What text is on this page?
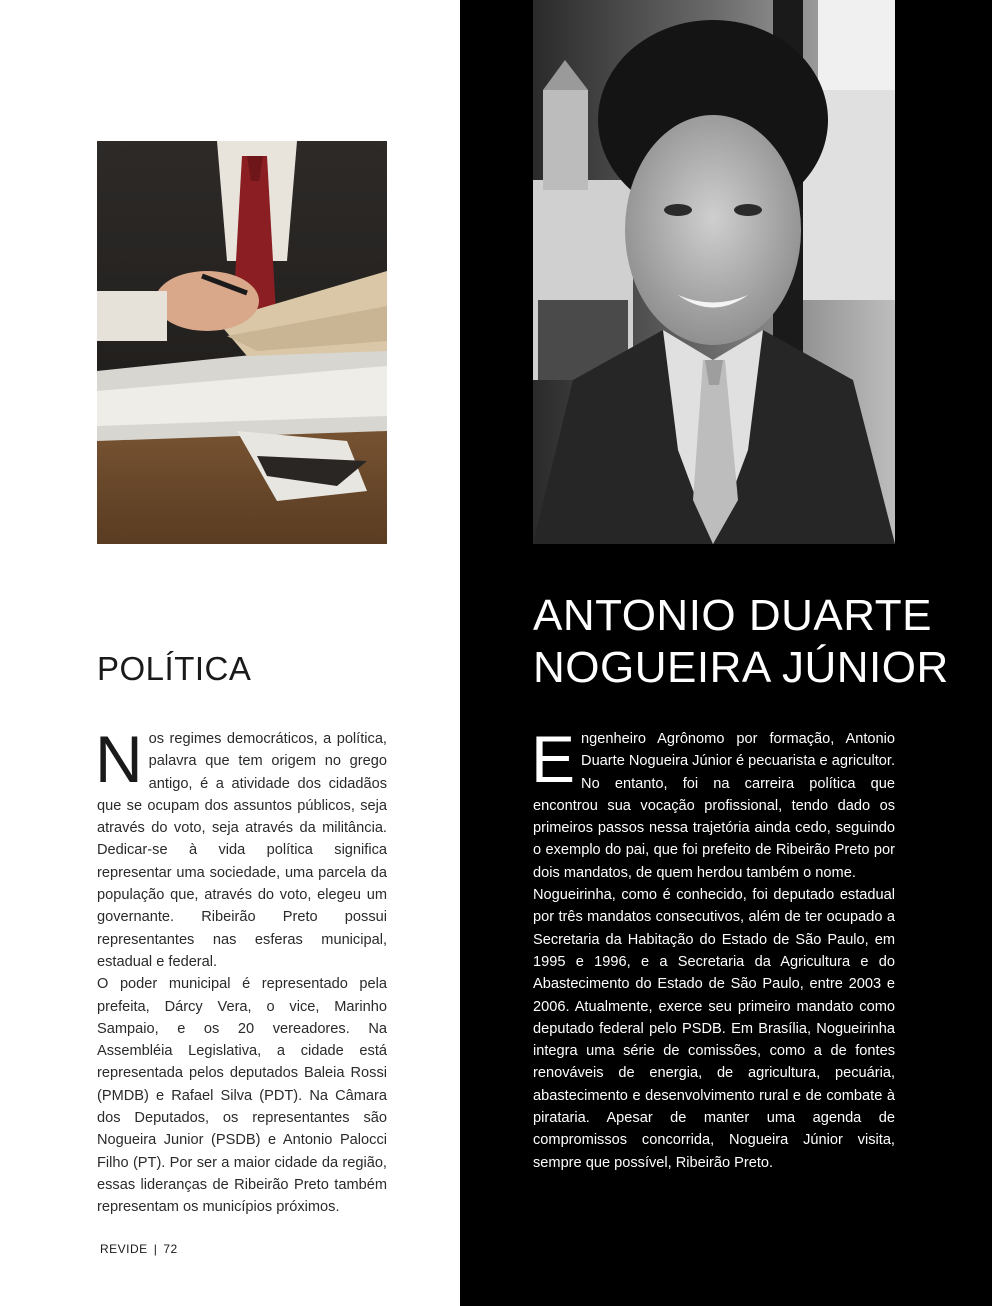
POLÍTICA
ANTONIO DUARTE
NOGUEIRA JÚNIOR
N os regimes democráticos, a política, palavra que tem origem no grego antigo, é a atividade dos cidadãos que se ocupam dos assuntos públicos, seja através do voto, seja através da militância. Dedicar-se à vida política significa representar uma sociedade, uma parcela da população que, através do voto, elegeu um governante. Ribeirão Preto possui representantes nas esferas municipal, estadual e federal.

O poder municipal é representado pela prefeita, Dárcy Vera, o vice, Marinho Sampaio, e os 20 vereadores. Na Assembléia Legislativa, a cidade está representada pelos deputados Baleia Rossi (PMDB) e Rafael Silva (PDT). Na Câmara dos Deputados, os representantes são Nogueira Junior (PSDB) e Antonio Palocci Filho (PT). Por ser a maior cidade da região, essas lideranças de Ribeirão Preto também representam os municípios próximos.

E ngenheiro Agrônomo por formação, Antonio Duarte Nogueira Júnior é pecuarista e agricultor. No entanto, foi na carreira política que encontrou sua vocação profissional, tendo dado os primeiros passos nessa trajetória ainda cedo, seguindo o exemplo do pai, que foi prefeito de Ribeirão Preto por dois mandatos, de quem herdou também o nome.

Nogueirinha, como é conhecido, foi deputado estadual por três mandatos consecutivos, além de ter ocupado a Secretaria da Habitação do Estado de São Paulo, em 1995 e 1996, e a Secretaria da Agricultura e do Abastecimento do Estado de São Paulo, entre 2003 e 2006. Atualmente, exerce seu primeiro mandato como deputado federal pelo PSDB. Em Brasília, Nogueirinha integra uma série de comissões, como a de fontes renováveis de energia, de agricultura, pecuária, abastecimento e desenvolvimento rural e de combate à pirataria. Apesar de manter uma agenda de compromissos concorrida, Nogueira Júnior visita, sempre que possível, Ribeirão Preto.

REVIDE | 72
